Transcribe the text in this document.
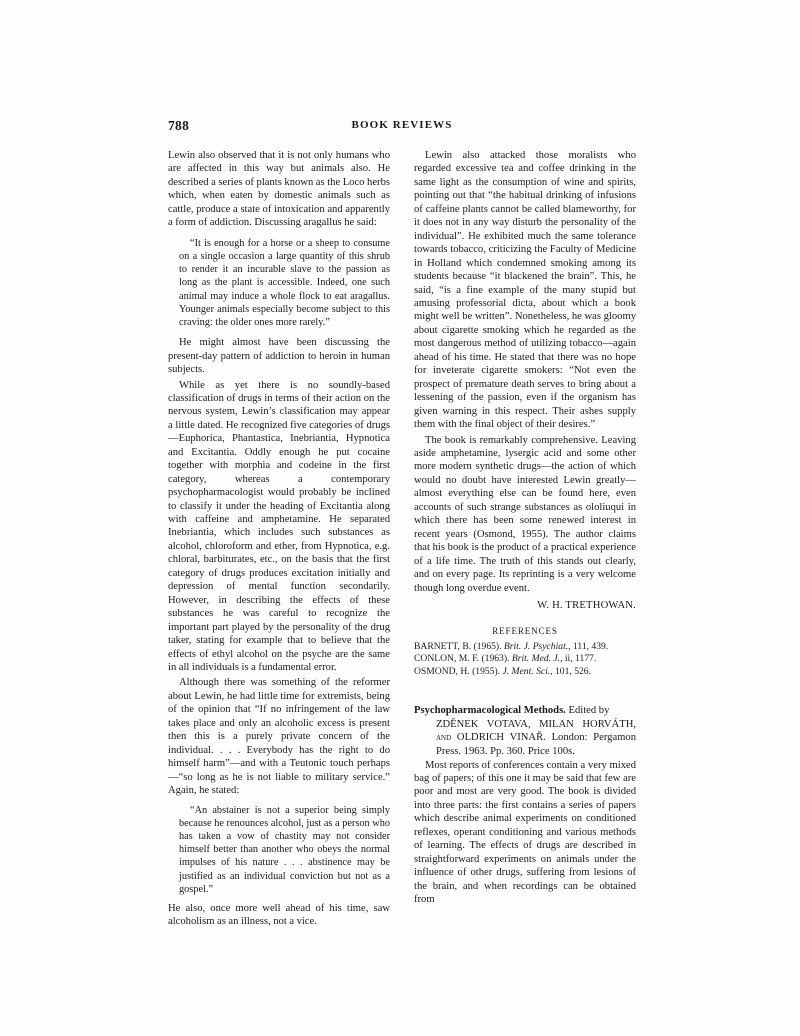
788	BOOK REVIEWS

Lewin also observed that it is not only humans who are affected in this way but animals also. He described a series of plants known as the Loco herbs which, when eaten by domestic animals such as cattle, produce a state of intoxication and apparently a form of addiction. Discussing aragallus he said:

“It is enough for a horse or a sheep to consume on a single occasion a large quantity of this shrub to render it an incurable slave to the passion as long as the plant is accessible. Indeed, one such animal may induce a whole flock to eat aragallus. Younger animals especially become subject to this craving: the older ones more rarely.”

He might almost have been discussing the present-day pattern of addiction to heroin in human subjects.

While as yet there is no soundly-based classification of drugs in terms of their action on the nervous system, Lewin’s classification may appear a little dated. He recognized five categories of drugs—Euphorica, Phantastica, Inebriantia, Hypnotica and Excitantia. Oddly enough he put cocaine together with morphia and codeine in the first category, whereas a contemporary psychopharmacologist would probably be inclined to classify it under the heading of Excitantia along with caffeine and amphetamine. He separated Inebriantia, which includes such substances as alcohol, chloroform and ether, from Hypnotica, e.g. chloral, barbiturates, etc., on the basis that the first category of drugs produces excitation initially and depression of mental function secondarily. However, in describing the effects of these substances he was careful to recognize the important part played by the personality of the drug taker, stating for example that to believe that the effects of ethyl alcohol on the psyche are the same in all individuals is a fundamental error.

Although there was something of the reformer about Lewin, he had little time for extremists, being of the opinion that “If no infringement of the law takes place and only an alcoholic excess is present then this is a purely private concern of the individual. . . . Everybody has the right to do himself harm”—and with a Teutonic touch perhaps—“so long as he is not liable to military service.” Again, he stated:

“An abstainer is not a superior being simply because he renounces alcohol, just as a person who has taken a vow of chastity may not consider himself better than another who obeys the normal impulses of his nature . . . abstinence may be justified as an individual conviction but not as a gospel.”

He also, once more well ahead of his time, saw alcoholism as an illness, not a vice.

Lewin also attacked those moralists who regarded excessive tea and coffee drinking in the same light as the consumption of wine and spirits, pointing out that “the habitual drinking of infusions of caffeine plants cannot be called blameworthy, for it does not in any way disturb the personality of the individual”. He exhibited much the same tolerance towards tobacco, criticizing the Faculty of Medicine in Holland which condemned smoking among its students because “it blackened the brain”. This, he said, “is a fine example of the many stupid but amusing professorial dicta, about which a book might well be written”. Nonetheless, he was gloomy about cigarette smoking which he regarded as the most dangerous method of utilizing tobacco—again ahead of his time. He stated that there was no hope for inveterate cigarette smokers: “Not even the prospect of premature death serves to bring about a lessening of the passion, even if the organism has given warning in this respect. Their ashes supply them with the final object of their desires.”

The book is remarkably comprehensive. Leaving aside amphetamine, lysergic acid and some other more modern synthetic drugs—the action of which would no doubt have interested Lewin greatly—almost everything else can be found here, even accounts of such strange substances as ololiuqui in which there has been some renewed interest in recent years (Osmond, 1955). The author claims that his book is the product of a practical experience of a life time. The truth of this stands out clearly, and on every page. Its reprinting is a very welcome though long overdue event.

W. H. TRETHOWAN.
REFERENCES
BARNETT, B. (1965). Brit. J. Psychiat., 111, 439.
CONLON, M. F. (1963). Brit. Med. J., ii, 1177.
OSMOND, H. (1955). J. Ment. Sci., 101, 526.
Psychopharmacological Methods. Edited by
ZDĚNEK VOTAVA, MILAN HORVÁTH, and OLDRICH VINAŘ. London: Pergamon Press. 1963. Pp. 360. Price 100s.

Most reports of conferences contain a very mixed bag of papers; of this one it may be said that few are poor and most are very good. The book is divided into three parts: the first contains a series of papers which describe animal experiments on conditioned reflexes, operant conditioning and various methods of learning. The effects of drugs are described in straightforward experiments on animals under the influence of other drugs, suffering from lesions of the brain, and when recordings can be obtained from
